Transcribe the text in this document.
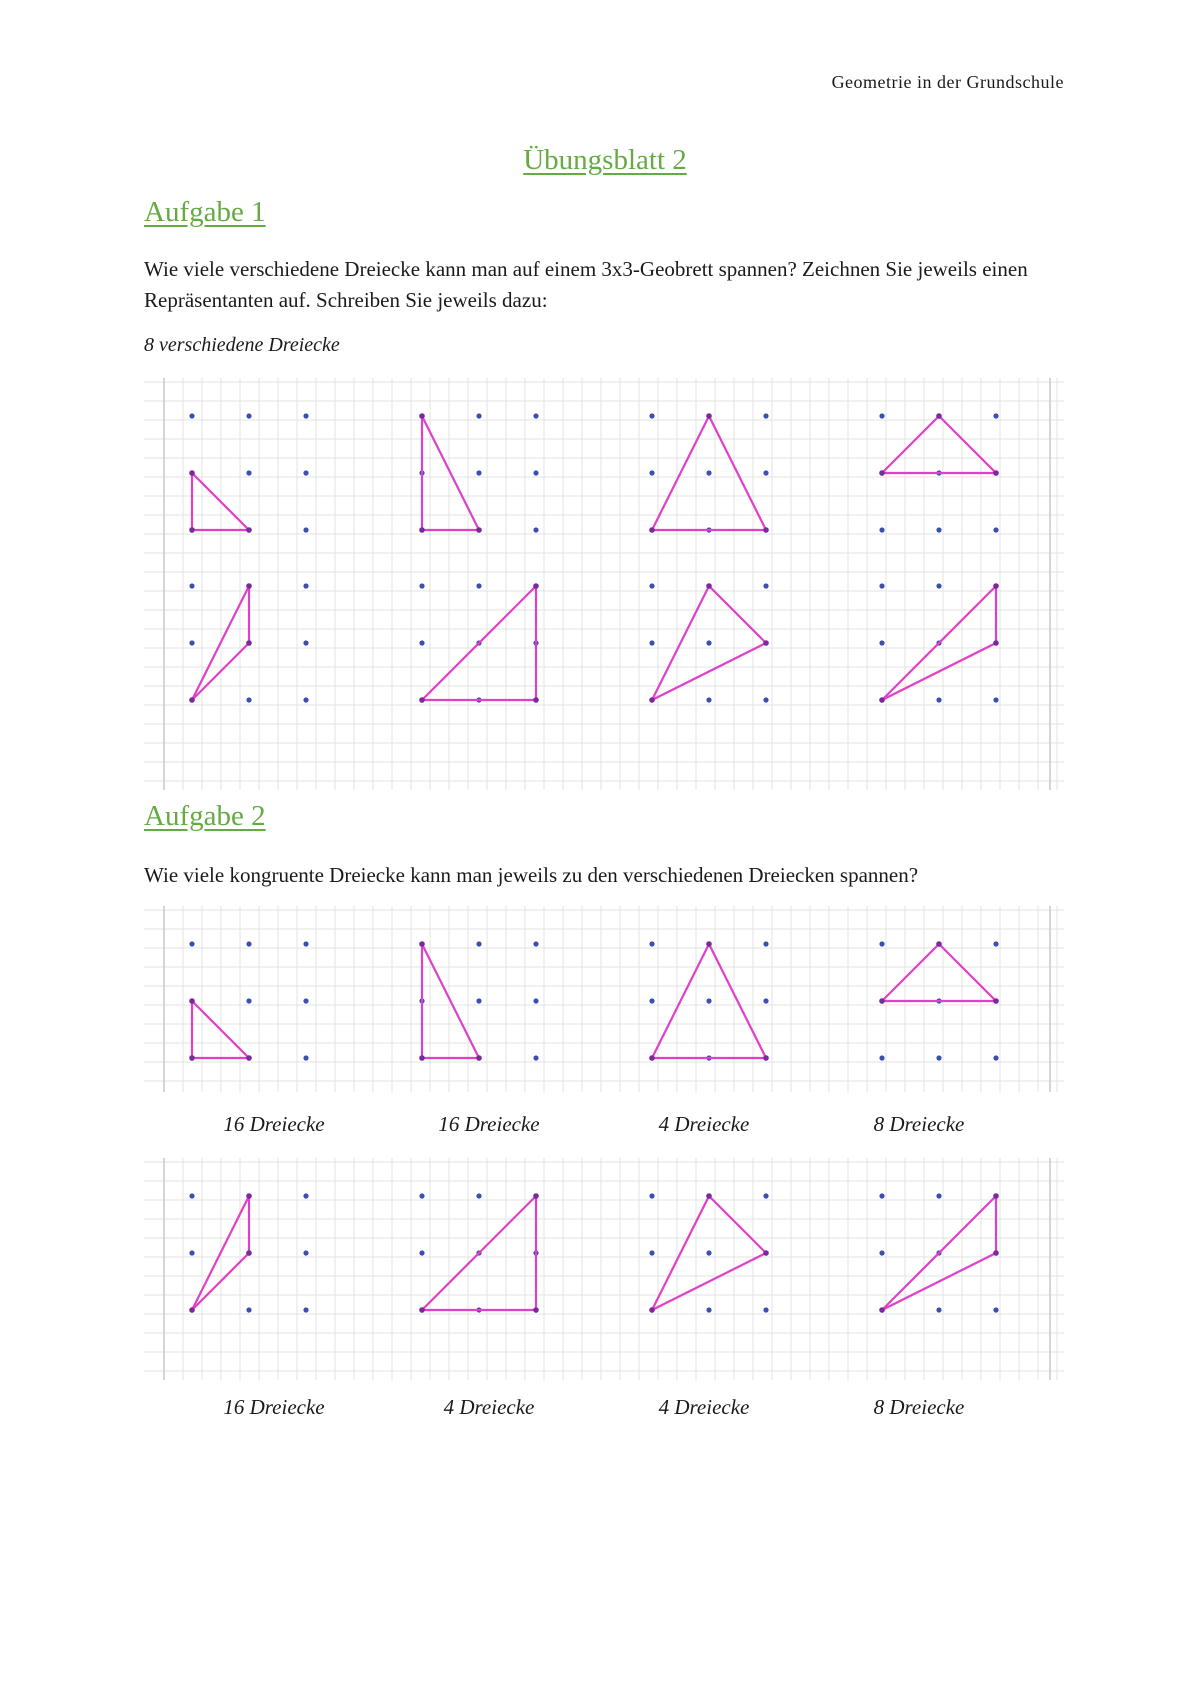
Geometrie in der Grundschule
Übungsblatt 2
Aufgabe 1
Wie viele verschiedene Dreiecke kann man auf einem 3x3-Geobrett spannen? Zeichnen Sie jeweils einen Repräsentanten auf. Schreiben Sie jeweils dazu:
8 verschiedene Dreiecke
Aufgabe 2
Wie viele kongruente Dreiecke kann man jeweils zu den verschiedenen Dreiecken spannen?
16 Dreiecke	16 Dreiecke	4 Dreiecke	8 Dreiecke
16 Dreiecke	4 Dreiecke	4 Dreiecke	8 Dreiecke
